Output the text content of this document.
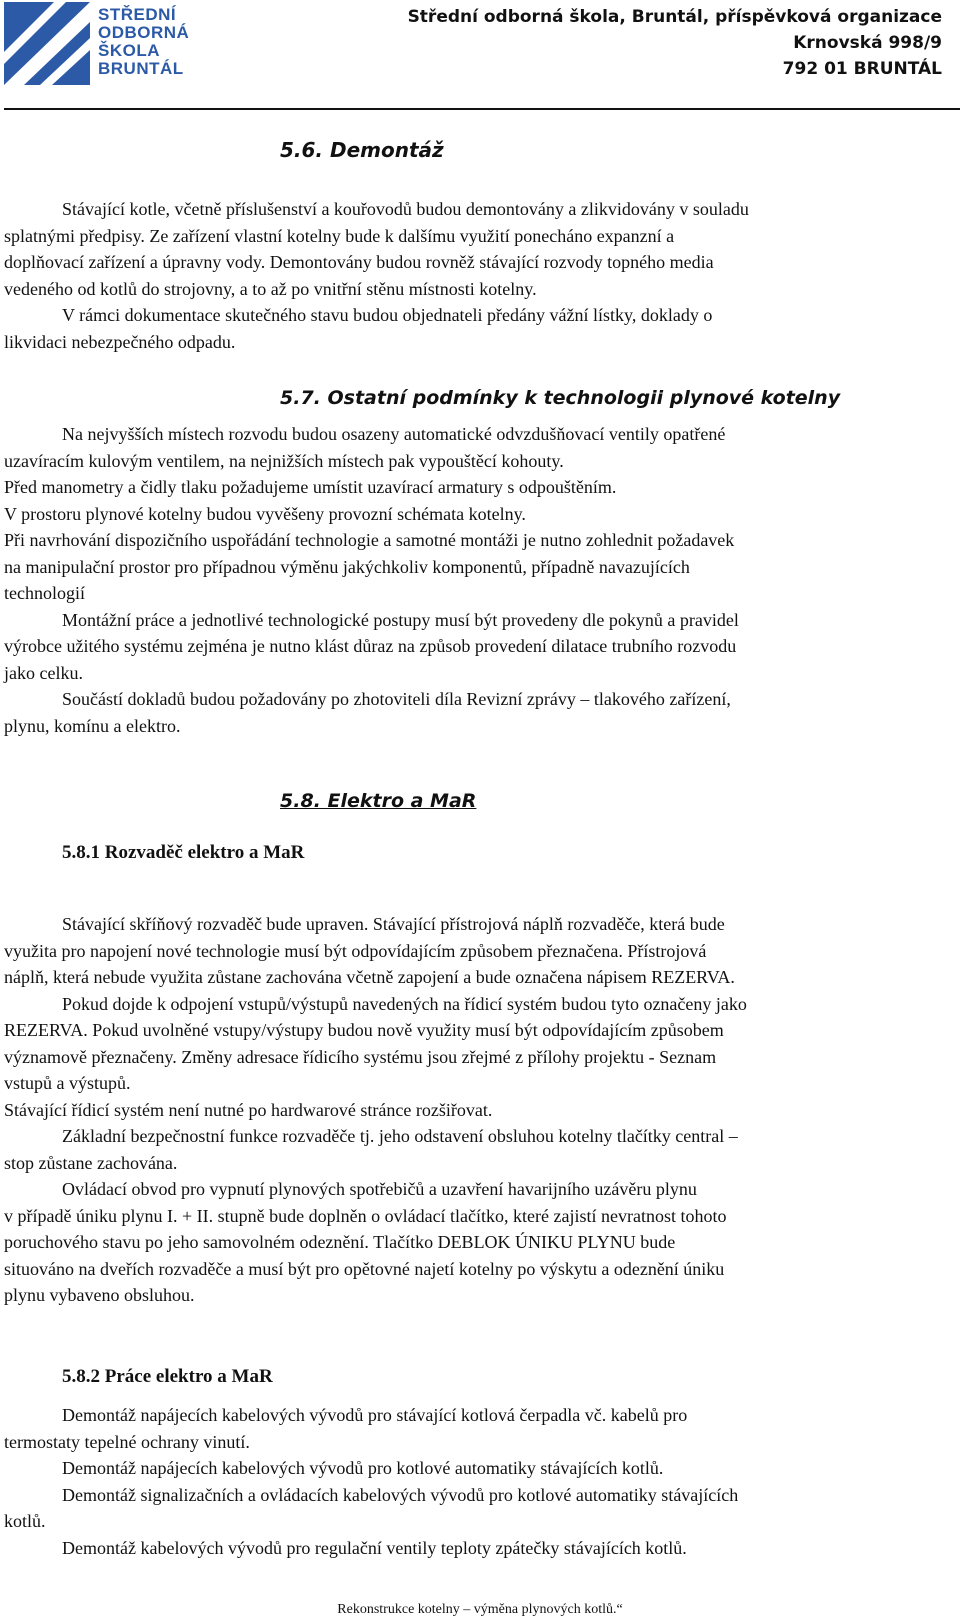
STŘEDNÍ
ODBORNÁ
ŠKOLA
BRUNTÁL
Střední odborná škola, Bruntál, příspěvková organizace
Krnovská 998/9
792 01 BRUNTÁL
5.6. Demontáž
Stávající kotle, včetně příslušenství a kouřovodů budou demontovány a zlikvidovány v souladu
splatnými předpisy. Ze zařízení vlastní kotelny bude k dalšímu využití ponecháno expanzní a
doplňovací zařízení a úpravny vody. Demontovány budou rovněž stávající rozvody topného media
vedeného od kotlů do strojovny, a to až po vnitřní stěnu místnosti kotelny.
V rámci dokumentace skutečného stavu budou objednateli předány vážní lístky, doklady o
likvidaci nebezpečného odpadu.
5.7. Ostatní podmínky k technologii plynové kotelny
Na nejvyšších místech rozvodu budou osazeny automatické odvzdušňovací ventily opatřené
uzavíracím kulovým ventilem, na nejnižších místech pak vypouštěcí kohouty.
Před manometry a čidly tlaku požadujeme umístit uzavírací armatury s odpouštěním.
V prostoru plynové kotelny budou vyvěšeny provozní schémata kotelny.
Při navrhování dispozičního uspořádání technologie a samotné montáži je nutno zohlednit požadavek
na manipulační prostor pro případnou výměnu jakýchkoliv komponentů, případně navazujících
technologií
Montážní práce a jednotlivé technologické postupy musí být provedeny dle pokynů a pravidel
výrobce užitého systému zejména je nutno klást důraz na způsob provedení dilatace trubního rozvodu
jako celku.
Součástí dokladů budou požadovány po zhotoviteli díla Revizní zprávy – tlakového zařízení,
plynu, komínu a elektro.
5.8. Elektro a MaR
5.8.1 Rozvaděč elektro a MaR
Stávající skříňový rozvaděč bude upraven. Stávající přístrojová náplň rozvaděče, která bude
využita pro napojení nové technologie musí být odpovídajícím způsobem přeznačena. Přístrojová
náplň, která nebude využita zůstane zachována včetně zapojení a bude označena nápisem REZERVA.
Pokud dojde k odpojení vstupů/výstupů navedených na řídicí systém budou tyto označeny jako
REZERVA. Pokud uvolněné vstupy/výstupy budou nově využity musí být odpovídajícím způsobem
významově přeznačeny. Změny adresace řídicího systému jsou zřejmé z přílohy projektu - Seznam
vstupů a výstupů.
Stávající řídicí systém není nutné po hardwarové stránce rozšiřovat.
Základní bezpečnostní funkce rozvaděče tj. jeho odstavení obsluhou kotelny tlačítky central –
stop zůstane zachována.
Ovládací obvod pro vypnutí plynových spotřebičů a uzavření havarijního uzávěru plynu
v případě úniku plynu I. + II. stupně bude doplněn o ovládací tlačítko, které zajistí nevratnost tohoto
poruchového stavu po jeho samovolném odeznění. Tlačítko DEBLOK ÚNIKU PLYNU bude
situováno na dveřích rozvaděče a musí být pro opětovné najetí kotelny po výskytu a odeznění úniku
plynu vybaveno obsluhou.
5.8.2 Práce elektro a MaR
Demontáž napájecích kabelových vývodů pro stávající kotlová čerpadla vč. kabelů pro
termostaty tepelné ochrany vinutí.
Demontáž napájecích kabelových vývodů pro kotlové automatiky stávajících kotlů.
Demontáž signalizačních a ovládacích kabelových vývodů pro kotlové automatiky stávajících
kotlů.
Demontáž kabelových vývodů pro regulační ventily teploty zpátečky stávajících kotlů.
Rekonstrukce kotelny – výměna plynových kotlů.“
